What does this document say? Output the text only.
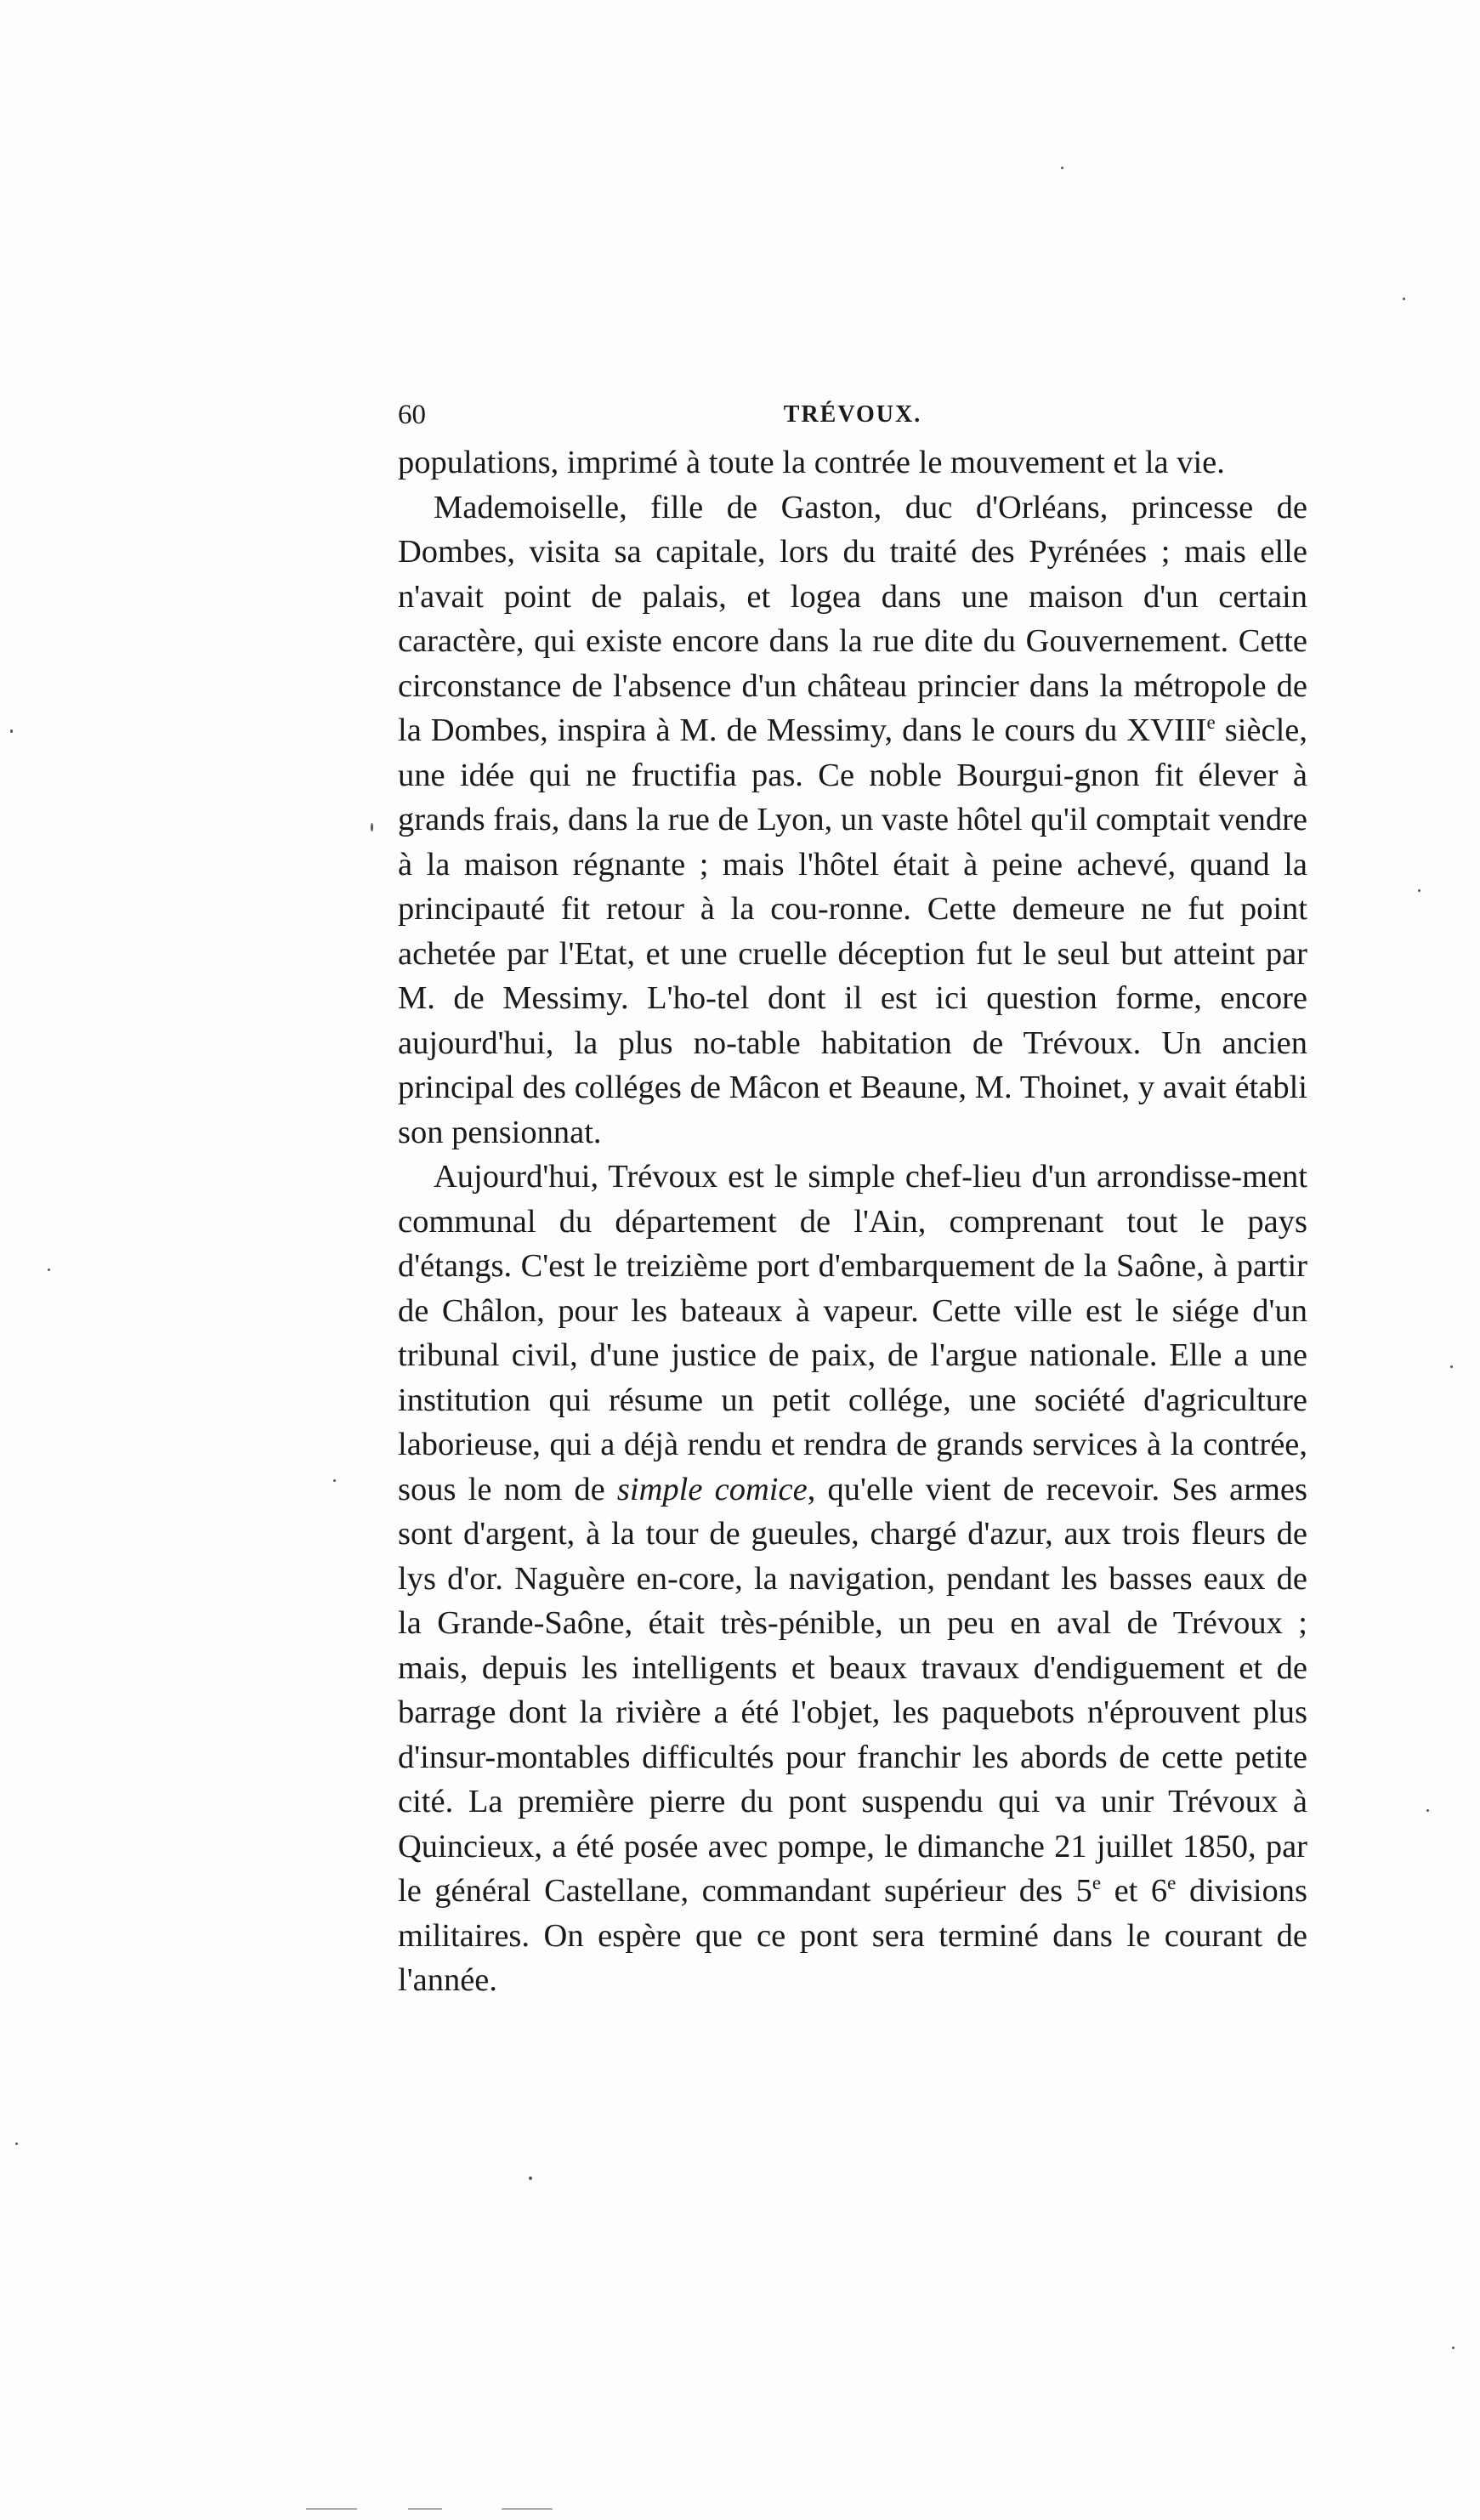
60	TRÉVOUX.

populations, imprimé à toute la contrée le mouvement et la vie.

Mademoiselle, fille de Gaston, duc d'Orléans, princesse de Dombes, visita sa capitale, lors du traité des Pyrénées ; mais elle n'avait point de palais, et logea dans une maison d'un certain caractère, qui existe encore dans la rue dite du Gouvernement. Cette circonstance de l'absence d'un château princier dans la métropole de la Dombes, inspira à M. de Messimy, dans le cours du XVIIIe siècle, une idée qui ne fructifia pas. Ce noble Bourgui-gnon fit élever à grands frais, dans la rue de Lyon, un vaste hôtel qu'il comptait vendre à la maison régnante ; mais l'hôtel était à peine achevé, quand la principauté fit retour à la cou-ronne. Cette demeure ne fut point achetée par l'Etat, et une cruelle déception fut le seul but atteint par M. de Messimy. L'ho-tel dont il est ici question forme, encore aujourd'hui, la plus no-table habitation de Trévoux. Un ancien principal des colléges de Mâcon et Beaune, M. Thoinet, y avait établi son pensionnat.

Aujourd'hui, Trévoux est le simple chef-lieu d'un arrondisse-ment communal du département de l'Ain, comprenant tout le pays d'étangs. C'est le treizième port d'embarquement de la Saône, à partir de Châlon, pour les bateaux à vapeur. Cette ville est le siége d'un tribunal civil, d'une justice de paix, de l'argue nationale. Elle a une institution qui résume un petit collége, une société d'agriculture laborieuse, qui a déjà rendu et rendra de grands services à la contrée, sous le nom de simple comice, qu'elle vient de recevoir. Ses armes sont d'argent, à la tour de gueules, chargé d'azur, aux trois fleurs de lys d'or. Naguère en-core, la navigation, pendant les basses eaux de la Grande-Saône, était très-pénible, un peu en aval de Trévoux ; mais, depuis les intelligents et beaux travaux d'endiguement et de barrage dont la rivière a été l'objet, les paquebots n'éprouvent plus d'insur-montables difficultés pour franchir les abords de cette petite cité. La première pierre du pont suspendu qui va unir Trévoux à Quincieux, a été posée avec pompe, le dimanche 21 juillet 1850, par le général Castellane, commandant supérieur des 5e et 6e divisions militaires. On espère que ce pont sera terminé dans le courant de l'année.
